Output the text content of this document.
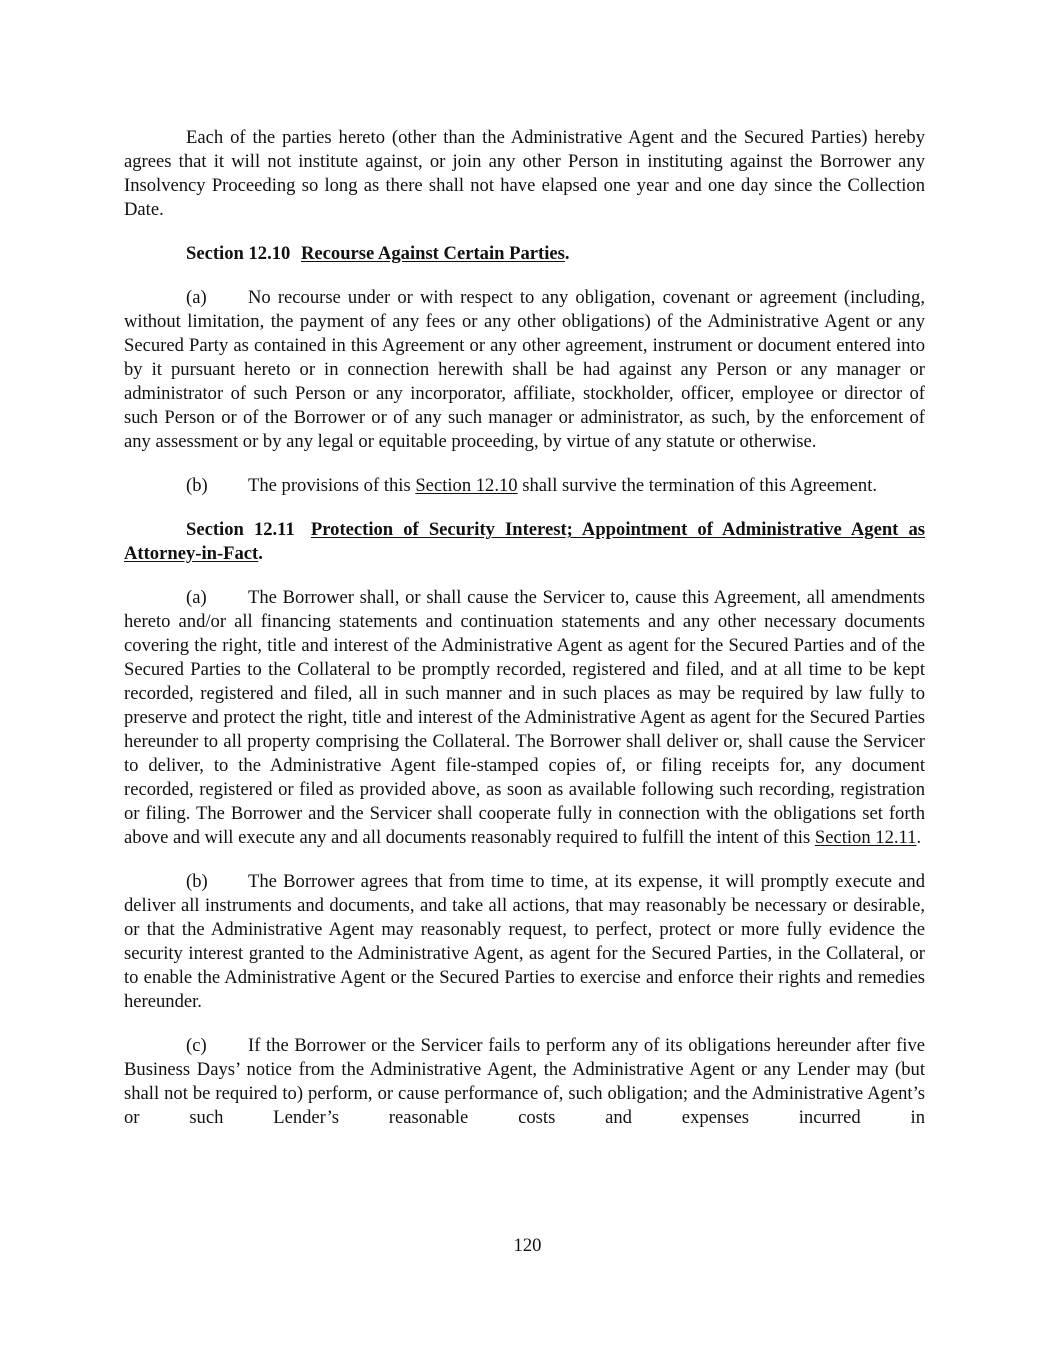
Each of the parties hereto (other than the Administrative Agent and the Secured Parties) hereby agrees that it will not institute against, or join any other Person in instituting against the Borrower any Insolvency Proceeding so long as there shall not have elapsed one year and one day since the Collection Date.

Section 12.10 Recourse Against Certain Parties.

(a) No recourse under or with respect to any obligation, covenant or agreement (including, without limitation, the payment of any fees or any other obligations) of the Administrative Agent or any Secured Party as contained in this Agreement or any other agreement, instrument or document entered into by it pursuant hereto or in connection herewith shall be had against any Person or any manager or administrator of such Person or any incorporator, affiliate, stockholder, officer, employee or director of such Person or of the Borrower or of any such manager or administrator, as such, by the enforcement of any assessment or by any legal or equitable proceeding, by virtue of any statute or otherwise.

(b) The provisions of this Section 12.10 shall survive the termination of this Agreement.

Section 12.11 Protection of Security Interest; Appointment of Administrative Agent as Attorney-in-Fact.

(a) The Borrower shall, or shall cause the Servicer to, cause this Agreement, all amendments hereto and/or all financing statements and continuation statements and any other necessary documents covering the right, title and interest of the Administrative Agent as agent for the Secured Parties and of the Secured Parties to the Collateral to be promptly recorded, registered and filed, and at all time to be kept recorded, registered and filed, all in such manner and in such places as may be required by law fully to preserve and protect the right, title and interest of the Administrative Agent as agent for the Secured Parties hereunder to all property comprising the Collateral. The Borrower shall deliver or, shall cause the Servicer to deliver, to the Administrative Agent file-stamped copies of, or filing receipts for, any document recorded, registered or filed as provided above, as soon as available following such recording, registration or filing. The Borrower and the Servicer shall cooperate fully in connection with the obligations set forth above and will execute any and all documents reasonably required to fulfill the intent of this Section 12.11.

(b) The Borrower agrees that from time to time, at its expense, it will promptly execute and deliver all instruments and documents, and take all actions, that may reasonably be necessary or desirable, or that the Administrative Agent may reasonably request, to perfect, protect or more fully evidence the security interest granted to the Administrative Agent, as agent for the Secured Parties, in the Collateral, or to enable the Administrative Agent or the Secured Parties to exercise and enforce their rights and remedies hereunder.

(c) If the Borrower or the Servicer fails to perform any of its obligations hereunder after five Business Days’ notice from the Administrative Agent, the Administrative Agent or any Lender may (but shall not be required to) perform, or cause performance of, such obligation; and the Administrative Agent’s or such Lender’s reasonable costs and expenses incurred in

120
